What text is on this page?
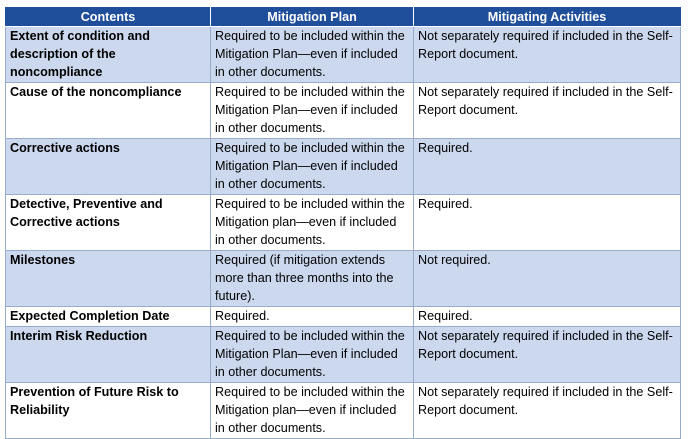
Contents	Mitigation Plan	Mitigating Activities
Extent of condition and description of the noncompliance	Required to be included within the Mitigation Plan—even if included in other documents.	Not separately required if included in the Self-Report document.
Cause of the noncompliance	Required to be included within the Mitigation Plan—even if included in other documents.	Not separately required if included in the Self-Report document.
Corrective actions	Required to be included within the Mitigation Plan—even if included in other documents.	Required.
Detective, Preventive and Corrective actions	Required to be included within the Mitigation plan—even if included in other documents.	Required.
Milestones	Required (if mitigation extends more than three months into the future).	Not required.
Expected Completion Date	Required.	Required.
Interim Risk Reduction	Required to be included within the Mitigation Plan—even if included in other documents.	Not separately required if included in the Self-Report document.
Prevention of Future Risk to Reliability	Required to be included within the Mitigation plan—even if included in other documents.	Not separately required if included in the Self-Report document.
